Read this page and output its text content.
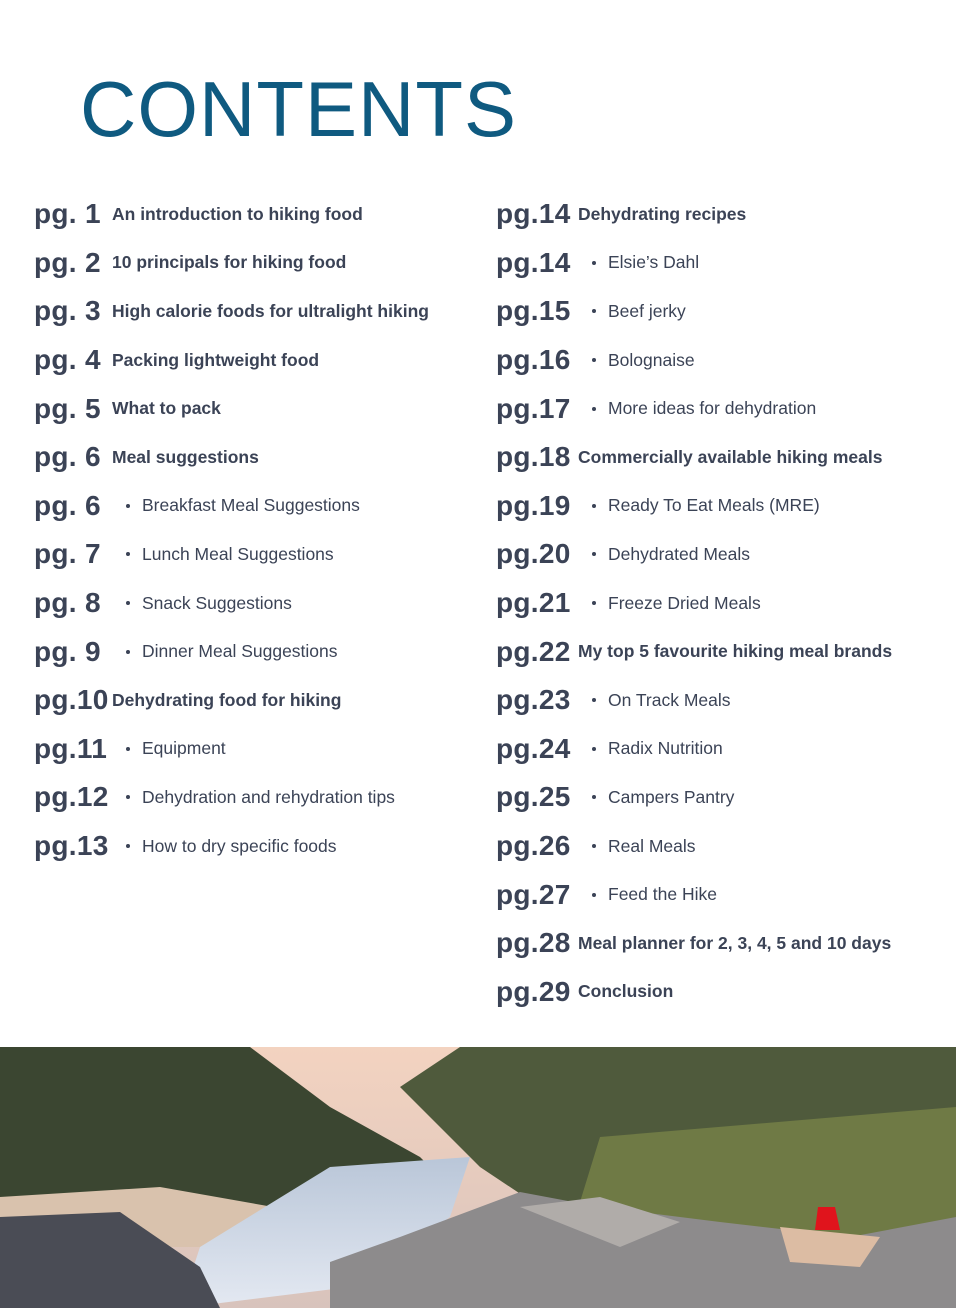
CONTENTS
pg. 1 An introduction to hiking food
pg. 2 10 principals for hiking food
pg. 3 High calorie foods for ultralight hiking
pg. 4 Packing lightweight food
pg. 5 What to pack
pg. 6 Meal suggestions
pg. 6	Breakfast Meal Suggestions
pg. 7	Lunch Meal Suggestions
pg. 8	Snack Suggestions
pg. 9	Dinner Meal Suggestions
pg.10 Dehydrating food for hiking
pg.11 Equipment
pg.12 Dehydration and rehydration tips
pg.13 How to dry specific foods
pg.14 Dehydrating recipes
pg.14	Elsie’s Dahl
pg.15	Beef jerky
pg.16	Bolognaise
pg.17	More ideas for dehydration
pg.18 Commercially available hiking meals
pg.19	Ready To Eat Meals (MRE)
pg.20	Dehydrated Meals
pg.21	Freeze Dried Meals
pg.22 My top 5 favourite hiking meal brands
pg.23	On Track Meals
pg.24	Radix Nutrition
pg.25	Campers Pantry
pg.26	Real Meals
pg.27	Feed the Hike
pg.28 Meal planner for 2, 3, 4, 5 and 10 days
pg.29 Conclusion
